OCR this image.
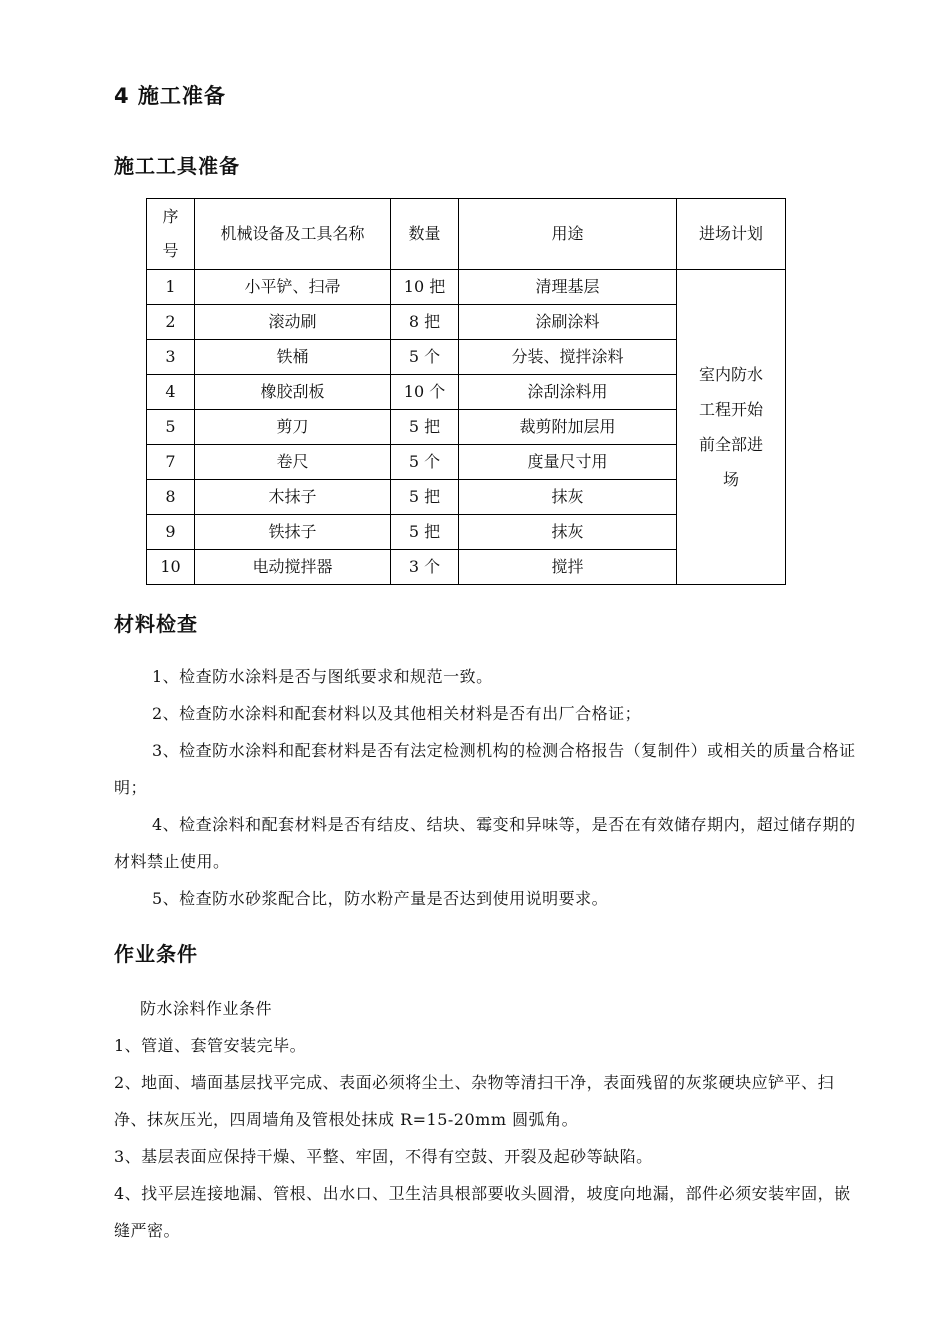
4 施工准备
施工工具准备
序号	机械设备及工具名称	数量	用途	进场计划
1	小平铲、扫帚	10 把	清理基层	室内防水
工程开始
前全部进
场

2	滚动刷	8 把	涂刷涂料	
3	铁桶	5 个	分装、搅拌涂料	
4	橡胶刮板	10 个	涂刮涂料用	
5	剪刀	5 把	裁剪附加层用	
7	卷尺	5 个	度量尺寸用	
8	木抹子	5 把	抹灰	
9	铁抹子	5 把	抹灰	
10	电动搅拌器	3 个	搅拌	
材料检查

1、检查防水涂料是否与图纸要求和规范一致。

2、检查防水涂料和配套材料以及其他相关材料是否有出厂合格证；

3、检查防水涂料和配套材料是否有法定检测机构的检测合格报告（复制件）或相关的质量合格证明；

4、检查涂料和配套材料是否有结皮、结块、霉变和异味等，是否在有效储存期内，超过储存期的材料禁止使用。

5、检查防水砂浆配合比，防水粉产量是否达到使用说明要求。

作业条件

防水涂料作业条件

1、管道、套管安装完毕。

2、地面、墙面基层找平完成、表面必须将尘土、杂物等清扫干净，表面残留的灰浆硬块应铲平、扫净、抹灰压光，四周墙角及管根处抹成 R=15-20mm 圆弧角。

3、基层表面应保持干燥、平整、牢固，不得有空鼓、开裂及起砂等缺陷。

4、找平层连接地漏、管根、出水口、卫生洁具根部要收头圆滑，坡度向地漏，部件必须安装牢固，嵌缝严密。
